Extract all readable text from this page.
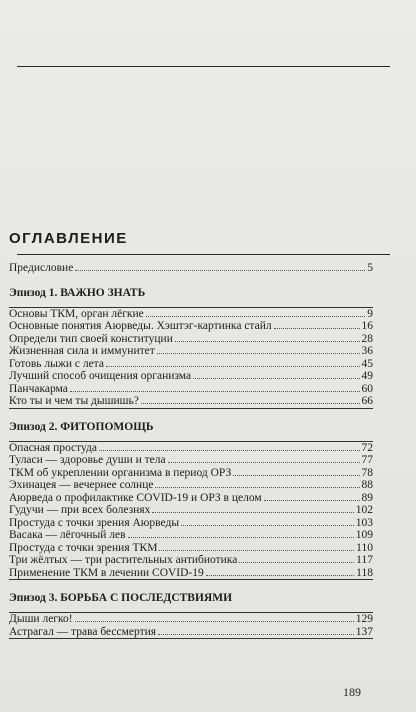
ОГЛАВЛЕНИЕ
Предисловие	5
Эпизод 1. ВАЖНО ЗНАТЬ
Основы ТКМ, орган лёгкие	9
Основные понятия Аюрведы. Хэштэг-картинка стайл	16
Определи тип своей конституции	28
Жизненная сила и иммунитет	36
Готовь лыжи с лета	45
Лучший способ очищения организма	49
Панчакарма	60
Кто ты и чем ты дышишь?	66
Эпизод 2. ФИТОПОМОЩЬ
Опасная простуда	72
Туласи — здоровье души и тела	77
ТКМ об укреплении организма в период ОРЗ	78
Эхинацея — вечернее солнце	88
Аюрведа о профилактике COVID-19 и ОРЗ в целом	89
Гудучи — при всех болезнях	102
Простуда с точки зрения Аюрведы	103
Васака — лёгочный лев	109
Простуда с точки зрения ТКМ	110
Три жёлтых — три растительных антибиотика	117
Применение ТКМ в лечении COVID-19	118
Эпизод 3. БОРЬБА С ПОСЛЕДСТВИЯМИ
Дыши легко!	129
Астрагал — трава бессмертия	137
189
